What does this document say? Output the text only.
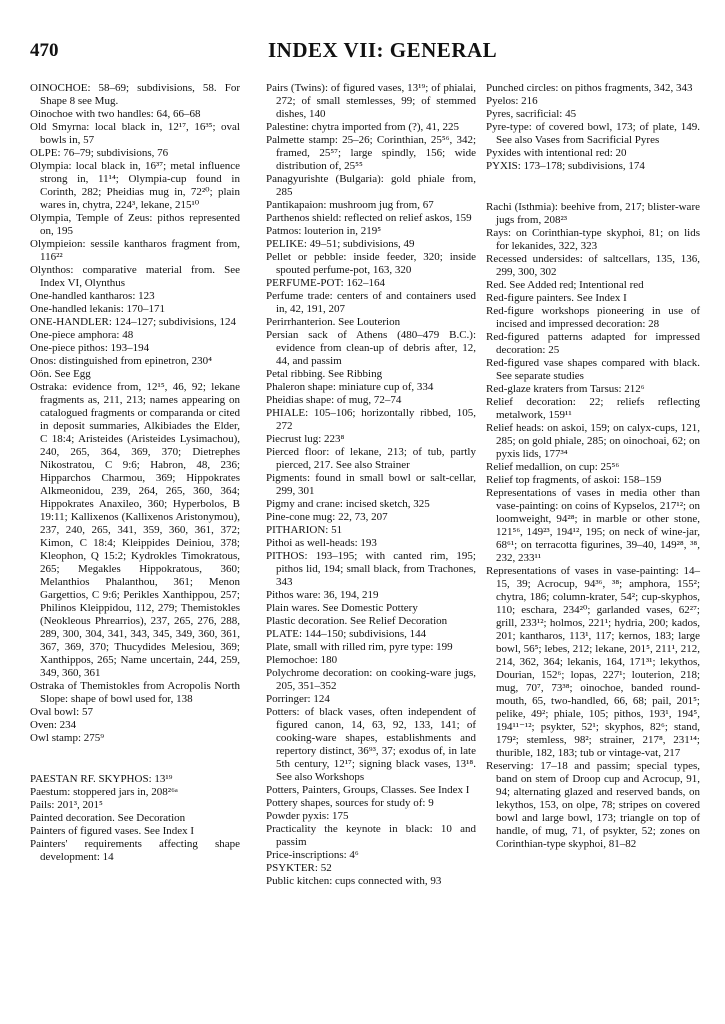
470	INDEX VII: GENERAL

OINOCHOE: 58–69; subdivisions, 58. For Shape 8 see Mug.

Oinochoe with two handles: 64, 66–68

Old Smyrna: local black in, 12¹⁷, 16³⁵; oval bowls in, 57

OLPE: 76–79; subdivisions, 76

Olympia: local black in, 16³⁷; metal influence strong in, 11¹⁴; Olympia-cup found in Corinth, 282; Pheidias mug in, 72²⁰; plain wares in, chytra, 224³, lekane, 215¹⁰

Olympia, Temple of Zeus: pithos represented on, 195

Olympieion: sessile kantharos fragment from, 116²²

Olynthos: comparative material from. See Index VI, Olynthus

One-handled kantharos: 123

One-handled lekanis: 170–171

ONE-HANDLER: 124–127; subdivisions, 124

One-piece amphora: 48

One-piece pithos: 193–194

Onos: distinguished from epinetron, 230⁴

Oön. See Egg

Ostraka: evidence from, 12¹⁵, 46, 92; lekane fragments as, 211, 213; names appearing on catalogued fragments or comparanda or cited in deposit summaries, Alkibiades the Elder, C 18:4; Aristeides (Aristeides Lysimachou), 240, 265, 364, 369, 370; Dietrephes Nikostratou, C 9:6; Habron, 48, 236; Hipparchos Charmou, 369; Hippokrates Alkmeonidou, 239, 264, 265, 360, 364; Hippokrates Anaxileo, 360; Hyperbolos, B 19:11; Kallixenos (Kallixenos Aristonymou), 237, 240, 265, 341, 359, 360, 361, 372; Kimon, C 18:4; Kleippides Deiniou, 378; Kleophon, Q 15:2; Kydrokles Timokratous, 265; Megakles Hippokratous, 360; Melanthios Phalanthou, 361; Menon Gargettios, C 9:6; Perikles Xanthippou, 257; Philinos Kleippidou, 112, 279; Themistokles (Neokleous Phrearrios), 237, 265, 276, 288, 289, 300, 304, 341, 343, 345, 349, 360, 361, 367, 369, 370; Thucydides Melesiou, 369; Xanthippos, 265; Name uncertain, 244, 259, 349, 360, 361

Ostraka of Themistokles from Acropolis North Slope: shape of bowl used for, 138

Oval bowl: 57

Oven: 234

Owl stamp: 275⁹

PAESTAN RF. SKYPHOS: 13¹⁹

Paestum: stoppered jars in, 208²⁶ᵃ

Pails: 201³, 201⁵

Painted decoration. See Decoration

Painters of figured vases. See Index I

Painters' requirements affecting shape development: 14

Pairs (Twins): of figured vases, 13¹⁹; of phialai, 272; of small stemlesses, 99; of stemmed dishes, 140

Palestine: chytra imported from (?), 41, 225

Palmette stamp: 25–26; Corinthian, 25⁵⁶, 342; framed, 25⁵⁷; large spindly, 156; wide distribution of, 25⁵⁵

Panagyurishte (Bulgaria): gold phiale from, 285

Pantikapaion: mushroom jug from, 67

Parthenos shield: reflected on relief askos, 159

Patmos: louterion in, 219⁵

PELIKE: 49–51; subdivisions, 49

Pellet or pebble: inside feeder, 320; inside spouted perfume-pot, 163, 320

PERFUME-POT: 162–164

Perfume trade: centers of and containers used in, 42, 191, 207

Perirrhanterion. See Louterion

Persian sack of Athens (480–479 B.C.): evidence from clean-up of debris after, 12, 44, and passim

Petal ribbing. See Ribbing

Phaleron shape: miniature cup of, 334

Pheidias shape: of mug, 72–74

PHIALE: 105–106; horizontally ribbed, 105, 272

Piecrust lug: 223⁸

Pierced floor: of lekane, 213; of tub, partly pierced, 217. See also Strainer

Pigments: found in small bowl or salt-cellar, 299, 301

Pigmy and crane: incised sketch, 325

Pine-cone mug: 22, 73, 207

PITHARION: 51

Pithoi as well-heads: 193

PITHOS: 193–195; with canted rim, 195; pithos lid, 194; small black, from Trachones, 343

Pithos ware: 36, 194, 219

Plain wares. See Domestic Pottery

Plastic decoration. See Relief Decoration

PLATE: 144–150; subdivisions, 144

Plate, small with rilled rim, pyre type: 199

Plemochoe: 180

Polychrome decoration: on cooking-ware jugs, 205, 351–352

Porringer: 124

Potters: of black vases, often independent of figured canon, 14, 63, 92, 133, 141; of cooking-ware shapes, establishments and repertory distinct, 36⁹³, 37; exodus of, in late 5th century, 12¹⁷; signing black vases, 13¹⁸. See also Workshops

Potters, Painters, Groups, Classes. See Index I

Pottery shapes, sources for study of: 9

Powder pyxis: 175

Practicality the keynote in black: 10 and passim

Price-inscriptions: 4⁶

PSYKTER: 52

Public kitchen: cups connected with, 93

Punched circles: on pithos fragments, 342, 343

Pyelos: 216

Pyres, sacrificial: 45

Pyre-type: of covered bowl, 173; of plate, 149. See also Vases from Sacrificial Pyres

Pyxides with intentional red: 20

PYXIS: 173–178; subdivisions, 174

Rachi (Isthmia): beehive from, 217; blister-ware jugs from, 208²³

Rays: on Corinthian-type skyphoi, 81; on lids for lekanides, 322, 323

Recessed undersides: of saltcellars, 135, 136, 299, 300, 302

Red. See Added red; Intentional red

Red-figure painters. See Index I

Red-figure workshops pioneering in use of incised and impressed decoration: 28

Red-figured patterns adapted for impressed decoration: 25

Red-figured vase shapes compared with black. See separate studies

Red-glaze kraters from Tarsus: 212⁶

Relief decoration: 22; reliefs reflecting metalwork, 159¹¹

Relief heads: on askoi, 159; on calyx-cups, 121, 285; on gold phiale, 285; on oinochoai, 62; on pyxis lids, 177³⁴

Relief medallion, on cup: 25⁵⁶

Relief top fragments, of askoi: 158–159

Representations of vases in media other than vase-painting: on coins of Kypselos, 217¹²; on loomweight, 94²⁸; in marble or other stone, 121⁵⁶, 149²³, 194¹², 195; on neck of wine-jar, 68⁶¹; on terracotta figurines, 39–40, 149²⁸, ³⁸, 232, 233¹¹

Representations of vases in vase-painting: 14–15, 39; Acrocup, 94³⁶, ³⁸; amphora, 155²; chytra, 186; column-krater, 54²; cup-skyphos, 110; eschara, 234²⁰; garlanded vases, 62²⁷; grill, 233¹²; holmos, 221¹; hydria, 200; kados, 201; kantharos, 113¹, 117; kernos, 183; large bowl, 56⁵; lebes, 212; lekane, 201⁵, 211¹, 212, 214, 362, 364; lekanis, 164, 171³¹; lekythos, Dourian, 152⁶; lopas, 227¹; louterion, 218; mug, 70⁷, 73³⁸; oinochoe, banded round-mouth, 65, two-handled, 66, 68; pail, 201⁵; pelike, 49²; phiale, 105; pithos, 193¹, 194⁵, 194¹¹⁻¹²; psykter, 52¹; skyphos, 82⁶; stand, 179²; stemless, 98²; strainer, 217⁸, 231¹⁴; thurible, 182, 183; tub or vintage-vat, 217

Reserving: 17–18 and passim; special types, band on stem of Droop cup and Acrocup, 91, 94; alternating glazed and reserved bands, on lekythos, 153, on olpe, 78; stripes on covered bowl and large bowl, 173; triangle on top of handle, of mug, 71, of psykter, 52; zones on Corinthian-type skyphoi, 81–82
